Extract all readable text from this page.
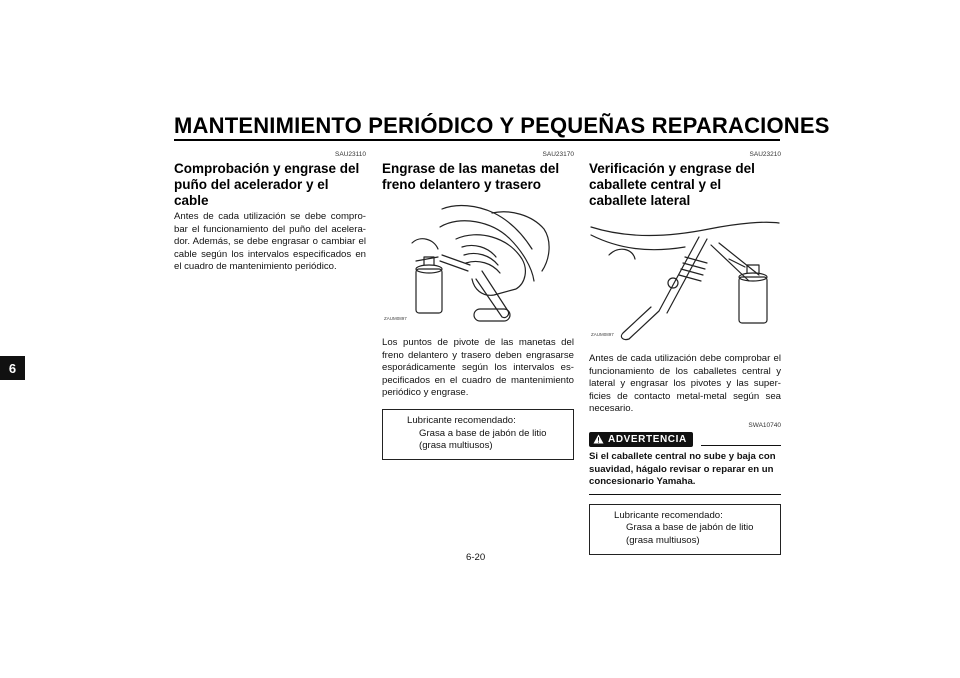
MANTENIMIENTO PERIÓDICO Y PEQUEÑAS REPARACIONES
6
SAU23110
Comprobación y engrase del puño del acelerador y el cable

Antes de cada utilización se debe compro-bar el funcionamiento del puño del acelera-dor. Además, se debe engrasar o cambiar el cable según los intervalos especificados en el cuadro de mantenimiento periódico.

SAU23170
Engrase de las manetas del freno delantero y trasero
ZAUM0897

Los puntos de pivote de las manetas del freno delantero y trasero deben engrasarse esporádicamente según los intervalos es-pecificados en el cuadro de mantenimiento periódico y engrase.

Lubricante recomendado:
Grasa a base de jabón de litio (grasa multiusos)
SAU23210
Verificación y engrase del caballete central y el caballete lateral
ZAUM0897

Antes de cada utilización debe comprobar el funcionamiento de los caballetes central y lateral y engrasar los pivotes y las super-ficies de contacto metal-metal según sea necesario.

SWA10740
ADVERTENCIA

Si el caballete central no sube y baja con suavidad, hágalo revisar o reparar en un concesionario Yamaha.

Lubricante recomendado:
Grasa a base de jabón de litio (grasa multiusos)
6-20
